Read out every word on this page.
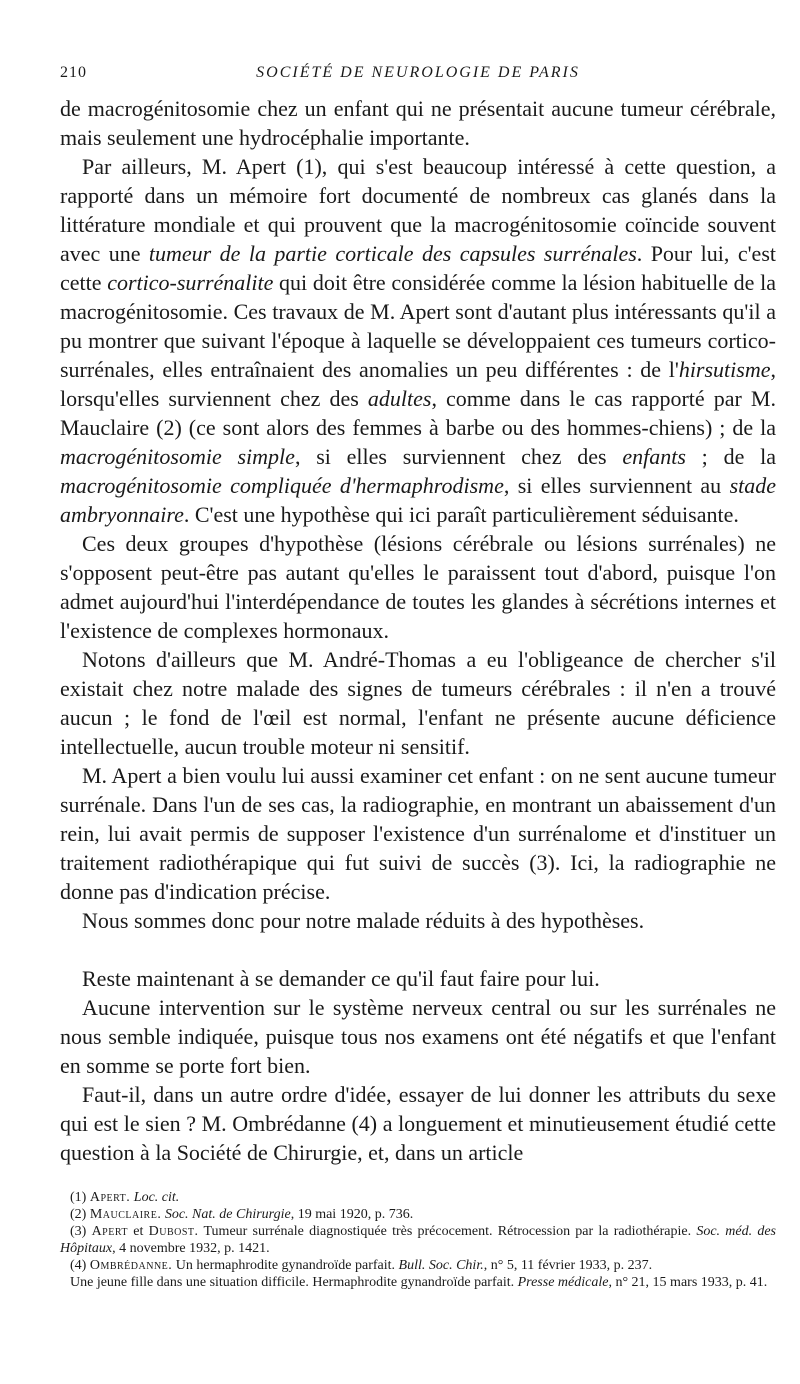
210	SOCIÉTÉ DE NEUROLOGIE DE PARIS

de macrogénitosomie chez un enfant qui ne présentait aucune tumeur cérébrale, mais seulement une hydrocéphalie importante.

Par ailleurs, M. Apert (1), qui s'est beaucoup intéressé à cette question, a rapporté dans un mémoire fort documenté de nombreux cas glanés dans la littérature mondiale et qui prouvent que la macrogénitosomie coïncide souvent avec une tumeur de la partie corticale des capsules surrénales. Pour lui, c'est cette cortico-surrénalite qui doit être considérée comme la lésion habituelle de la macrogénitosomie. Ces travaux de M. Apert sont d'autant plus intéressants qu'il a pu montrer que suivant l'époque à laquelle se développaient ces tumeurs cortico-surrénales, elles entraînaient des anomalies un peu différentes : de l'hirsutisme, lorsqu'elles surviennent chez des adultes, comme dans le cas rapporté par M. Mauclaire (2) (ce sont alors des femmes à barbe ou des hommes-chiens) ; de la macrogénitosomie simple, si elles surviennent chez des enfants ; de la macrogénitosomie compliquée d'hermaphrodisme, si elles surviennent au stade ambryonnaire. C'est une hypothèse qui ici paraît particulièrement séduisante.

Ces deux groupes d'hypothèse (lésions cérébrale ou lésions surrénales) ne s'opposent peut-être pas autant qu'elles le paraissent tout d'abord, puisque l'on admet aujourd'hui l'interdépendance de toutes les glandes à sécrétions internes et l'existence de complexes hormonaux.

Notons d'ailleurs que M. André-Thomas a eu l'obligeance de chercher s'il existait chez notre malade des signes de tumeurs cérébrales : il n'en a trouvé aucun ; le fond de l'œil est normal, l'enfant ne présente aucune déficience intellectuelle, aucun trouble moteur ni sensitif.

M. Apert a bien voulu lui aussi examiner cet enfant : on ne sent aucune tumeur surrénale. Dans l'un de ses cas, la radiographie, en montrant un abaissement d'un rein, lui avait permis de supposer l'existence d'un surrénalome et d'instituer un traitement radiothérapique qui fut suivi de succès (3). Ici, la radiographie ne donne pas d'indication précise.

Nous sommes donc pour notre malade réduits à des hypothèses.

Reste maintenant à se demander ce qu'il faut faire pour lui.

Aucune intervention sur le système nerveux central ou sur les surrénales ne nous semble indiquée, puisque tous nos examens ont été négatifs et que l'enfant en somme se porte fort bien.

Faut-il, dans un autre ordre d'idée, essayer de lui donner les attributs du sexe qui est le sien ? M. Ombrédanne (4) a longuement et minutieusement étudié cette question à la Société de Chirurgie, et, dans un article

(1) Apert. Loc. cit.

(2) Mauclaire. Soc. Nat. de Chirurgie, 19 mai 1920, p. 736.

(3) Apert et Dubost. Tumeur surrénale diagnostiquée très précocement. Rétrocession par la radiothérapie. Soc. méd. des Hôpitaux, 4 novembre 1932, p. 1421.

(4) Ombrédanne. Un hermaphrodite gynandroïde parfait. Bull. Soc. Chir., n° 5, 11 février 1933, p. 237.

Une jeune fille dans une situation difficile. Hermaphrodite gynandroïde parfait. Presse médicale, n° 21, 15 mars 1933, p. 41.
